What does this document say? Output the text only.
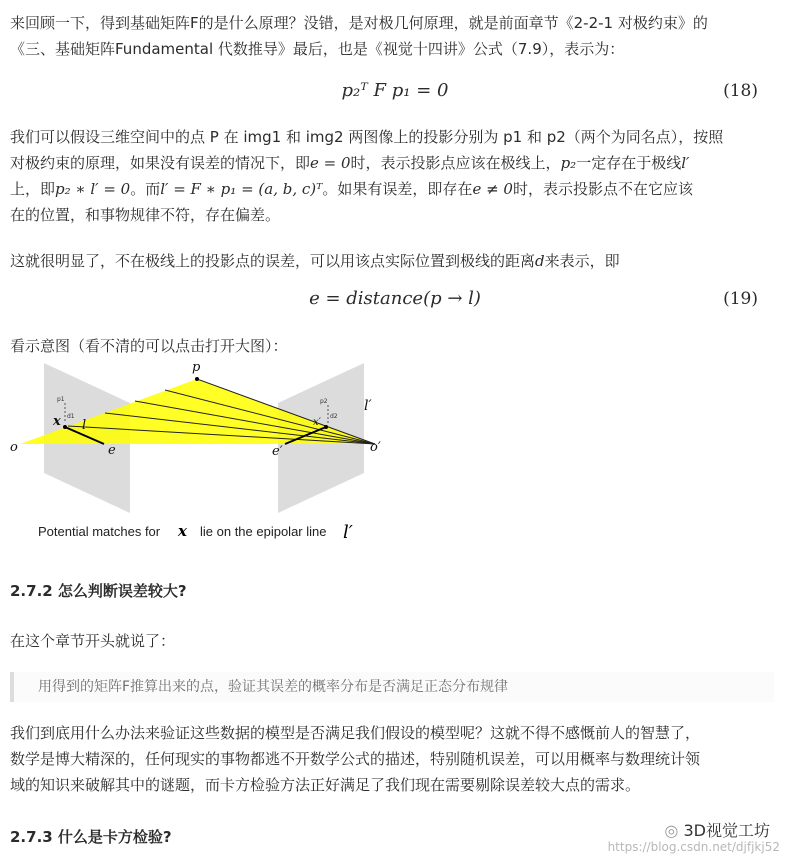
来回顾一下，得到基础矩阵F的是什么原理？没错，是对极几何原理，就是前面章节《2-2-1 对极约束》的
《三、基础矩阵Fundamental 代数推导》最后，也是《视觉十四讲》公式（7.9），表示为：

p₂ᵀ F p₁ = 0	(18)

我们可以假设三维空间中的点 P 在 img1 和 img2 两图像上的投影分别为 p1 和 p2（两个为同名点），按照
对极约束的原理，如果没有误差的情况下，即e = 0时，表示投影点应该在极线上，p₂一定存在于极线l′
上，即p₂ ∗ l′ = 0。而l′ = F ∗ p₁ = (a, b, c)ᵀ。如果有误差，即存在e ≠ 0时，表示投影点不在它应该
在的位置，和事物规律不符，存在偏差。

这就很明显了，不在极线上的投影点的误差，可以用该点实际位置到极线的距离d来表示，即

e = distance(p → l)	(19)

看示意图（看不清的可以点击打开大图）：

p
o	e
x l
o′
e′
x′
l′
p1
d1
p2
d2
Potential matches for x lie on the epipolar line l′
2.7.2 怎么判断误差较大?

在这个章节开头就说了：

用得到的矩阵F推算出来的点，验证其误差的概率分布是否满足正态分布规律

我们到底用什么办法来验证这些数据的模型是否满足我们假设的模型呢？这就不得不感慨前人的智慧了，
数学是博大精深的，任何现实的事物都逃不开数学公式的描述，特别随机误差，可以用概率与数理统计领
域的知识来破解其中的谜题，而卡方检验方法正好满足了我们现在需要剔除误差较大点的需求。

2.7.3 什么是卡方检验?	◎ 3D视觉工坊
https://blog.csdn.net/djfjkj52
